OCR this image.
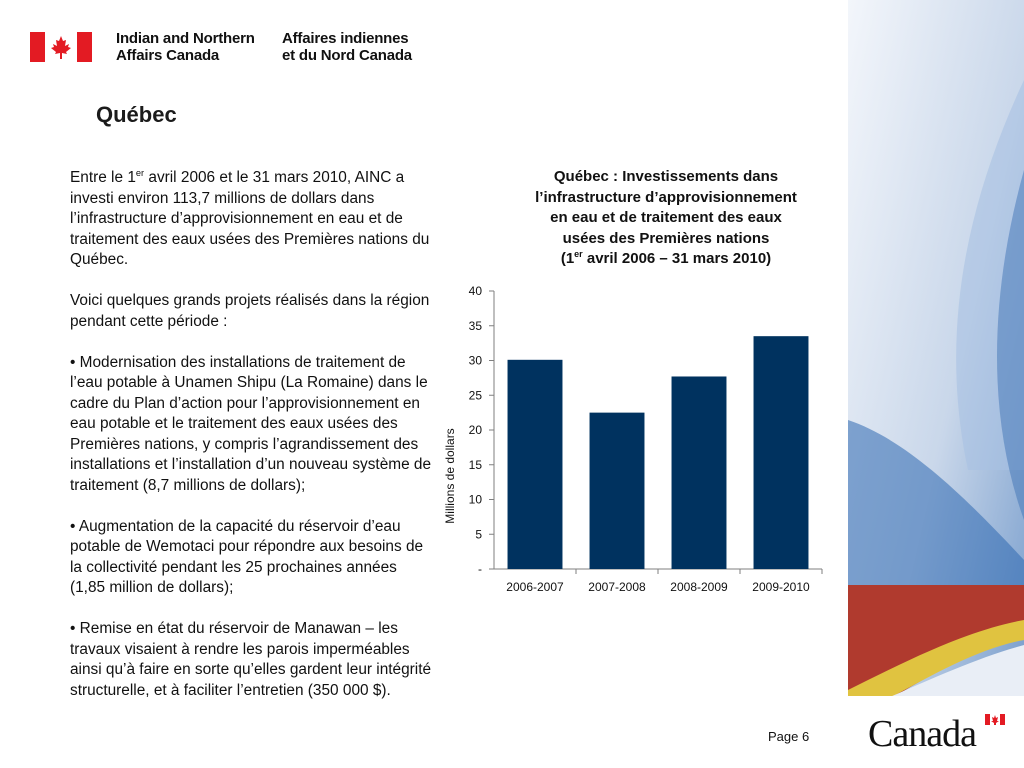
Indian and Northern
Affairs Canada
Affaires indiennes
et du Nord Canada
Québec

Entre le 1er avril 2006 et le 31 mars 2010, AINC a investi environ 113,7 millions de dollars dans l’infrastructure d’approvisionnement en eau et de traitement des eaux usées des Premières nations du Québec.

Voici quelques grands projets réalisés dans la région pendant cette période :

• Modernisation des installations de traitement de l’eau potable à Unamen Shipu (La Romaine) dans le cadre du Plan d’action pour l’approvisionnement en eau potable et le traitement des eaux usées des Premières nations, y compris l’agrandissement des installations et l’installation d’un nouveau système de traitement (8,7 millions de dollars);

• Augmentation de la capacité du réservoir d’eau potable de Wemotaci pour répondre aux besoins de la collectivité pendant les 25 prochaines années (1,85 million de dollars);

• Remise en état du réservoir de Manawan – les travaux visaient à rendre les parois imperméables ainsi qu’à faire en sorte qu’elles gardent leur intégrité structurelle, et à faciliter l’entretien (350 000 $).

Québec : Investissements dans
l’infrastructure d’approvisionnement
en eau et de traitement des eaux
usées des Premières nations
(1er avril 2006 – 31 mars 2010)
Millions de dollars
-
5
10
15
20
25
30
35
40
2006-2007 2007-2008 2008-2009 2009-2010
Page 6 Canada
